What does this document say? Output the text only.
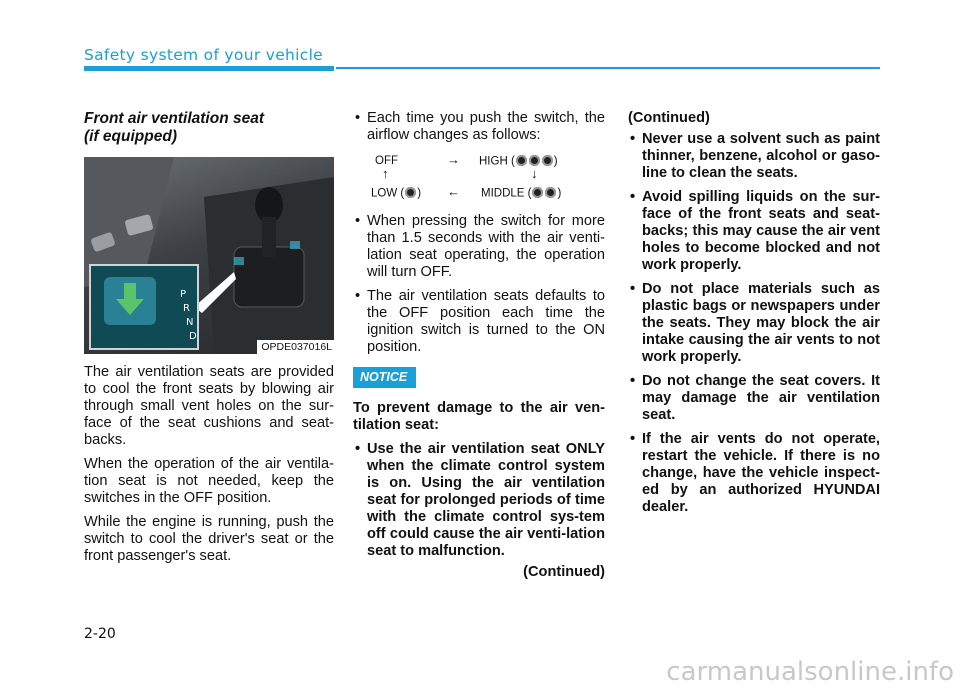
Safety system of your vehicle
Front air ventilation seat
(if equipped)
P
R
N
D
OPDE037016L

The air ventilation seats are provided to cool the front seats by blowing air through small vent holes on the sur-face of the seat cushions and seat-backs.

When the operation of the air ventila-tion seat is not needed, keep the switches in the OFF position.

While the engine is running, push the switch to cool the driver's seat or the front passenger's seat.

• Each time you push the switch, the airflow changes as follows:
OFF	→ HIGH (	)
↑	↓
LOW ( ) ← MIDDLE ( )
• When pressing the switch for more than 1.5 seconds with the air venti-lation seat operating, the operation will turn OFF.
• The air ventilation seats defaults to the OFF position each time the ignition switch is turned to the ON position.
NOTICE

To prevent damage to the air ven-tilation seat:

• Use the air ventilation seat ONLY when the climate control system is on. Using the air ventilation seat for prolonged periods of time with the climate control sys-tem off could cause the air venti-lation seat to malfunction.
(Continued)
(Continued)
• Never use a solvent such as paint thinner, benzene, alcohol or gaso-line to clean the seats.
• Avoid spilling liquids on the sur-face of the front seats and seat-backs; this may cause the air vent holes to become blocked and not work properly.
• Do not place materials such as plastic bags or newspapers under the seats. They may block the air intake causing the air vents to not work properly.
• Do not change the seat covers. It may damage the air ventilation seat.
• If the air vents do not operate, restart the vehicle. If there is no change, have the vehicle inspect-ed by an authorized HYUNDAI dealer.
2-20
carmanualsonline.info
